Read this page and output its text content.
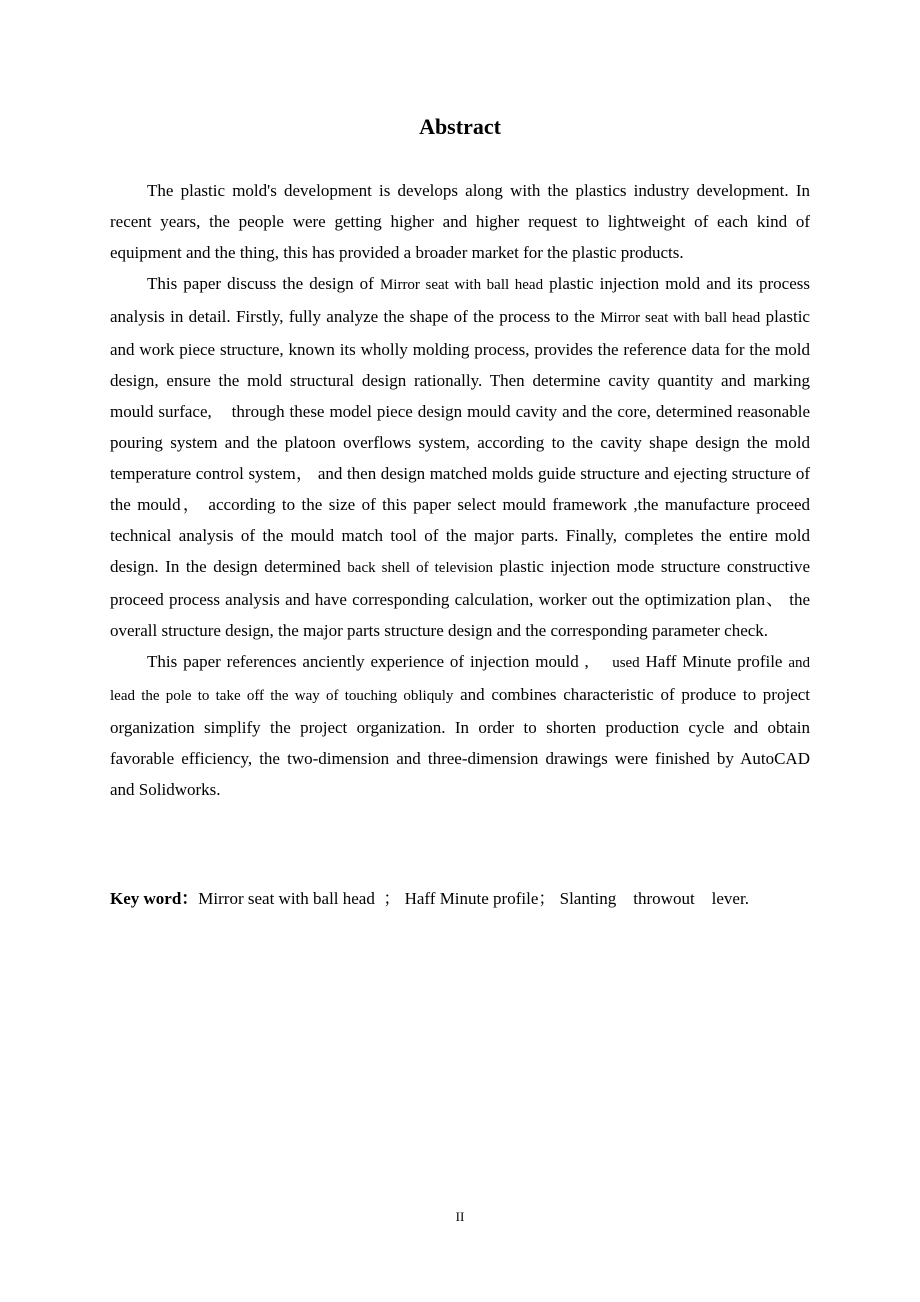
Abstract

The plastic mold's development is develops along with the plastics industry development. In recent years, the people were getting higher and higher request to lightweight of each kind of equipment and the thing, this has provided a broader market for the plastic products.

This paper discuss the design of Mirror seat with ball head plastic injection mold and its process analysis in detail. Firstly, fully analyze the shape of the process to the Mirror seat with ball head plastic and work piece structure, known its wholly molding process, provides the reference data for the mold design, ensure the mold structural design rationally. Then determine cavity quantity and marking mould surface,    through these model piece design mould cavity and the core, determined reasonable pouring system and the platoon overflows system, according to the cavity shape design the mold temperature control system， and then design matched molds guide structure and ejecting structure of the mould， according to the size of this paper select mould framework ,the manufacture proceed technical analysis of the mould match tool of the major parts. Finally, completes the entire mold design. In the design determined back shell of television plastic injection mode structure constructive proceed process analysis and have corresponding calculation, worker out the optimization plan、 the overall structure design, the major parts structure design and the corresponding parameter check.

This paper references anciently experience of injection mould ,    used Haff Minute profile and lead the pole to take off the way of touching obliquly and combines characteristic of produce to project organization simplify the project organization. In order to shorten production cycle and obtain favorable efficiency, the two-dimension and three-dimension drawings were finished by AutoCAD and Solidworks.

Key word：Mirror seat with ball head  ； Haff Minute profile； Slanting    throwout    lever.
II
